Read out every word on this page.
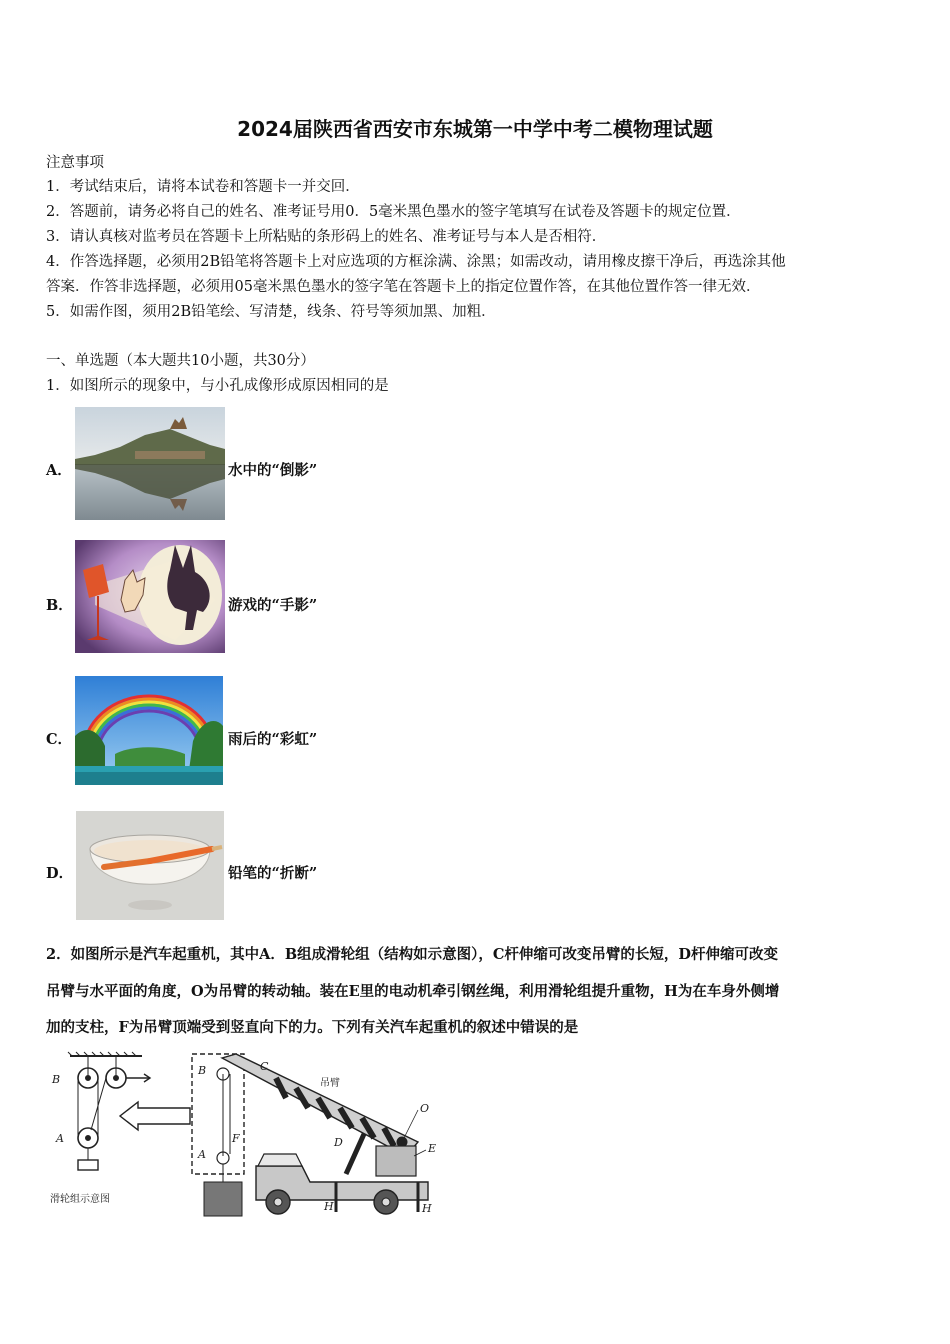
2024届陕西省西安市东城第一中学中考二模物理试题
注意事项
1．考试结束后，请将本试卷和答题卡一并交回．
2．答题前，请务必将自己的姓名、准考证号用0．5毫米黑色墨水的签字笔填写在试卷及答题卡的规定位置．
3．请认真核对监考员在答题卡上所粘贴的条形码上的姓名、准考证号与本人是否相符．
4．作答选择题，必须用2B铅笔将答题卡上对应选项的方框涂满、涂黑；如需改动，请用橡皮擦干净后，再选涂其他
答案．作答非选择题，必须用05毫米黑色墨水的签字笔在答题卡上的指定位置作答，在其他位置作答一律无效．
5．如需作图，须用2B铅笔绘、写清楚，线条、符号等须加黑、加粗．
一、单选题（本大题共10小题，共30分）
1．如图所示的现象中，与小孔成像形成原因相同的是
A．	水中的“倒影”
B．	游戏的“手影”
C．	雨后的“彩虹”
D．	铅笔的“折断”
2．如图所示是汽车起重机，其中A．B组成滑轮组（结构如示意图），C杆伸缩可改变吊臂的长短，D杆伸缩可改变
吊臂与水平面的角度，O为吊臂的转动轴。装在E里的电动机牵引钢丝绳，利用滑轮组提升重物，H为在车身外侧增
加的支柱，F为吊臂顶端受到竖直向下的力。下列有关汽车起重机的叙述中错误的是
B
A
滑轮组示意图
B
A
F
C
吊臂
D
O
E
H	H
